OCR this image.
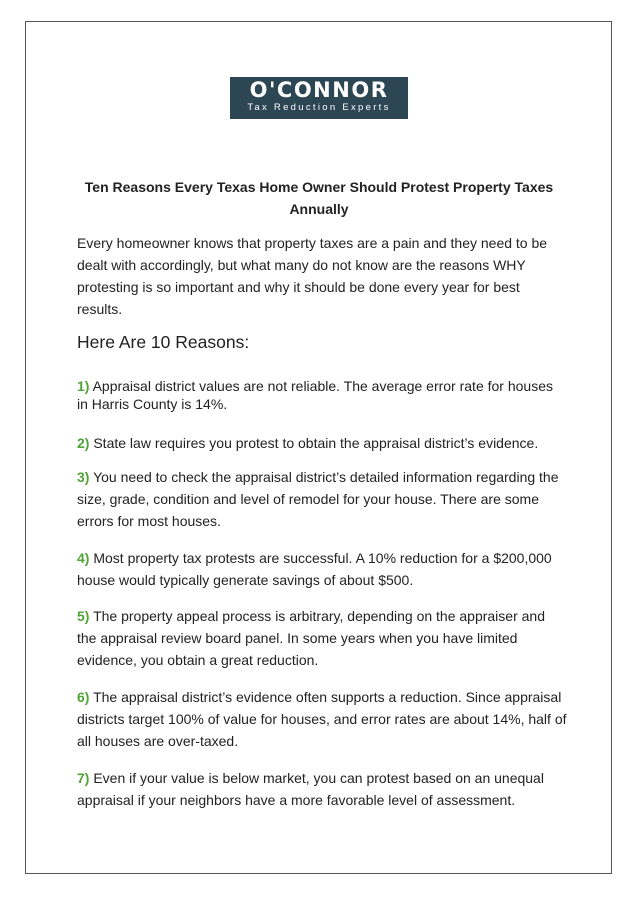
O'CONNOR
Tax Reduction Experts
Ten Reasons Every Texas Home Owner Should Protest Property Taxes Annually
Every homeowner knows that property taxes are a pain and they need to be dealt with accordingly, but what many do not know are the reasons WHY protesting is so important and why it should be done every year for best results.
Here Are 10 Reasons:
1) Appraisal district values are not reliable. The average error rate for houses in Harris County is 14%.
2) State law requires you protest to obtain the appraisal district’s evidence.
3) You need to check the appraisal district’s detailed information regarding the size, grade, condition and level of remodel for your house. There are some errors for most houses.
4) Most property tax protests are successful. A 10% reduction for a $200,000 house would typically generate savings of about $500.
5) The property appeal process is arbitrary, depending on the appraiser and the appraisal review board panel. In some years when you have limited evidence, you obtain a great reduction.
6) The appraisal district’s evidence often supports a reduction. Since appraisal districts target 100% of value for houses, and error rates are about 14%, half of all houses are over-taxed.
7) Even if your value is below market, you can protest based on an unequal appraisal if your neighbors have a more favorable level of assessment.
